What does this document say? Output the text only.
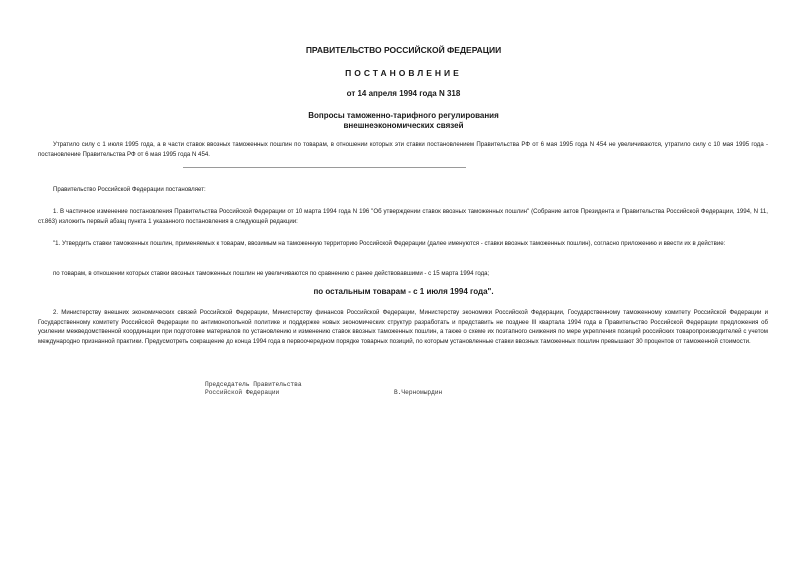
ПРАВИТЕЛЬСТВО РОССИЙСКОЙ ФЕДЕРАЦИИ

ПОСТАНОВЛЕНИЕ

от 14 апреля 1994 года N 318

Вопросы таможенно-тарифного регулирования
внешнеэкономических связей

Утратило силу с 1 июля 1995 года, а в части ставок ввозных таможенных пошлин по товарам, в отношении которых эти ставки постановлением Правительства РФ от 6 мая 1995 года N 454 не увеличиваются, утратило силу с 10 мая 1995 года - постановление Правительства РФ от 6 мая 1995 года N 454.

Правительство Российской Федерации постановляет:

1. В частичное изменение постановления Правительства Российской Федерации от 10 марта 1994 года N 196 "Об утверждении ставок ввозных таможенных пошлин" (Собрание актов Президента и Правительства Российской Федерации, 1994, N 11, ст.863) изложить первый абзац пункта 1 указанного постановления в следующей редакции:

"1. Утвердить ставки таможенных пошлин, применяемых к товарам, ввозимым на таможенную территорию Российской Федерации (далее именуются - ставки ввозных таможенных пошлин), согласно приложению и ввести их в действие:

по товарам, в отношении которых ставки ввозных таможенных пошлин не увеличиваются по сравнению с ранее действовавшими - с 15 марта 1994 года;

по остальным товарам - с 1 июля 1994 года".

2. Министерству внешних экономических связей Российской Федерации, Министерству финансов Российской Федерации, Министерству экономики Российской Федерации, Государственному таможенному комитету Российской Федерации и Государственному комитету Российской Федерации по антимонопольной политике и поддержке новых экономических структур разработать и представить не позднее III квартала 1994 года в Правительство Российской Федерации предложения об усилении межведомственной координации при подготовке материалов по установлению и изменению ставок ввозных таможенных пошлин, а также о схеме их поэтапного снижения по мере укрепления позиций российских товаропроизводителей с учетом международно признанной практики. Предусмотреть сокращение до конца 1994 года в первоочередном порядке товарных позиций, по которым установленные ставки ввозных таможенных пошлин превышают 30 процентов от таможенной стоимости.

Председатель Правительства

Российской Федерации	В.Черномырдин
